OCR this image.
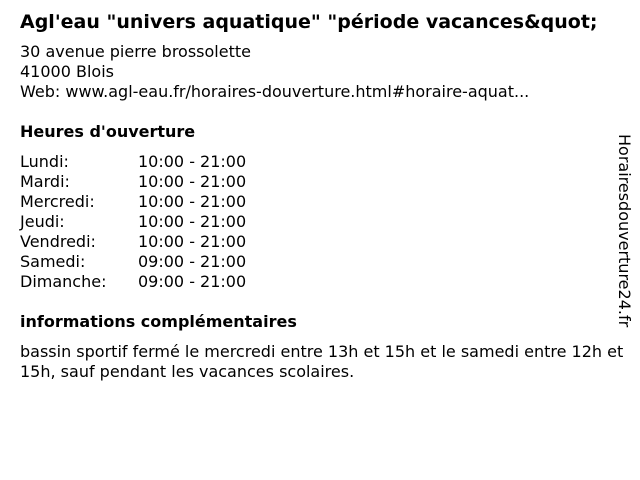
Agl'eau "univers aquatique" "période vacances&quot;
30 avenue pierre brossolette
41000 Blois
Web: www.agl-eau.fr/horaires-douverture.html#horaire-aquat...
Heures d'ouverture
Lundi:	10:00 - 21:00
Mardi:	10:00 - 21:00
Mercredi:	10:00 - 21:00
Jeudi:	10:00 - 21:00
Vendredi:	10:00 - 21:00
Samedi:	09:00 - 21:00
Dimanche:	09:00 - 21:00
informations complémentaires
bassin sportif fermé le mercredi entre 13h et 15h et le samedi entre 12h et 15h, sauf pendant les vacances scolaires.
Horairesdouverture24.fr
